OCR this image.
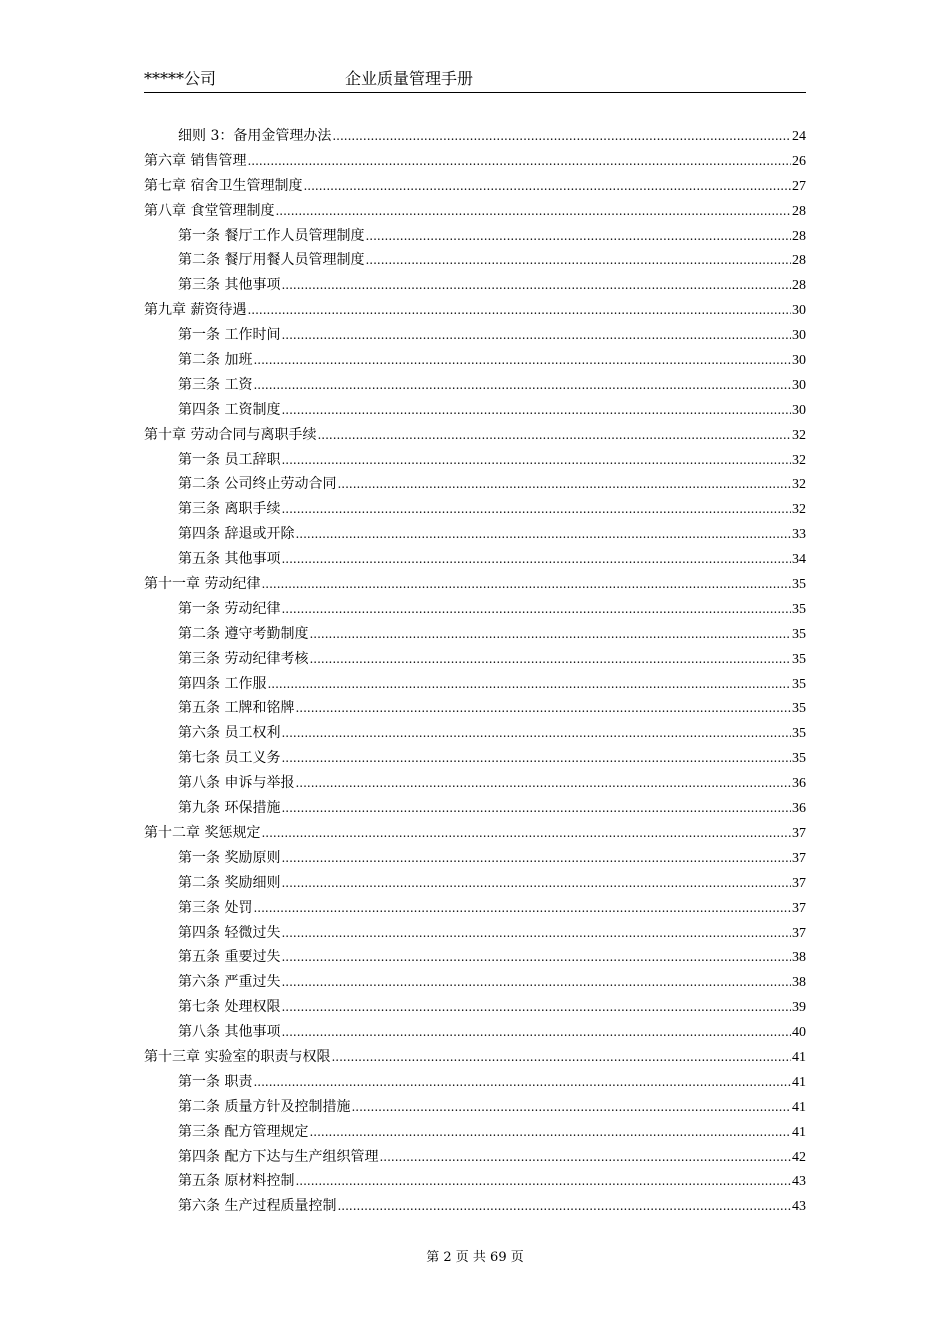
*****公司	企业质量管理手册
细则 3：备用金管理办法 .....	24
第六章 销售管理 .....	26
第七章 宿舍卫生管理制度 .....	27
第八章 食堂管理制度 .....	28
第一条 餐厅工作人员管理制度 .....	28
第二条 餐厅用餐人员管理制度 .....	28
第三条 其他事项 .....	28
第九章 薪资待遇 .....	30
第一条 工作时间 .....	30
第二条 加班 .....	30
第三条 工资 .....	30
第四条 工资制度 .....	30
第十章 劳动合同与离职手续 .....	32
第一条 员工辞职 .....	32
第二条 公司终止劳动合同 .....	32
第三条 离职手续 .....	32
第四条 辞退或开除 .....	33
第五条 其他事项 .....	34
第十一章 劳动纪律 .....	35
第一条 劳动纪律 .....	35
第二条 遵守考勤制度 .....	35
第三条 劳动纪律考核 .....	35
第四条 工作服 .....	35
第五条 工牌和铭牌 .....	35
第六条 员工权利 .....	35
第七条 员工义务 .....	35
第八条 申诉与举报 .....	36
第九条 环保措施 .....	36
第十二章 奖惩规定 .....	37
第一条 奖励原则 .....	37
第二条 奖励细则 .....	37
第三条 处罚 .....	37
第四条 轻微过失 .....	37
第五条 重要过失 .....	38
第六条 严重过失 .....	38
第七条 处理权限 .....	39
第八条 其他事项 .....	40
第十三章 实验室的职责与权限 .....	41
第一条 职责 .....	41
第二条 质量方针及控制措施 .....	41
第三条 配方管理规定 .....	41
第四条 配方下达与生产组织管理 .....	42
第五条 原材料控制 .....	43
第六条 生产过程质量控制 .....	43
第 2 页 共 69 页
